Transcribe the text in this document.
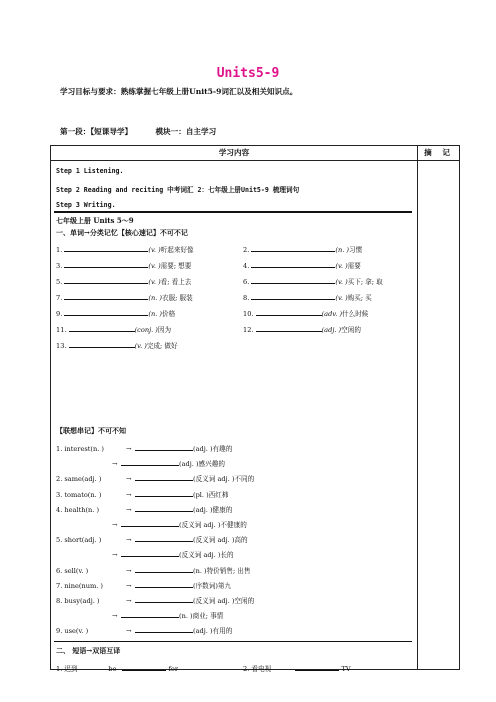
Units5-9
学习目标与要求：熟练掌握七年级上册Unit5-9词汇以及相关知识点。
第一段：【短课导学】	模块一：自主学习
学习内容	摘 记
Step 1 Listening.
Step 2 Reading and reciting 中考词汇 2：七年级上册Unit5-9 梳理词句
Step 3 Writing.
七年级上册 Units 5～9
一、单词→分类记忆【核心速记】不可不记
1.	(v. )听起来好像	2.	(n. )习惯
3.	(v. )需要; 想要	4.	(v. )需要
5.	(v. )看; 看上去	6.	(v. )买下; 拿; 取
7.	(n. )衣服; 服装	8.	(v. )购买; 买
9.	(n. )价格	10.	(adv. )什么时候
11.	(conj. )因为	12.	(adj. )空闲的
13.	(v. )完成; 做好
【联想串记】不可不知
1. interest(n. )	→	(adj. )有趣的
→	(adj. )感兴趣的
2. same(adj. )	→	(反义词 adj. )不同的
3. tomato(n. )	→	(pl. )西红柿
4. health(n. )	→	(adj. )健康的
→	(反义词 adj. )不健康的
5. short(adj. )	→	(反义词 adj. )高的
→	(反义词 adj. )长的
6. sell(v. )	→	(n. )特价销售; 出售
7. nine(num. )	→	(序数词)第九
8. busy(adj. )	→	(反义词 adj. )空闲的
→	(n. )商业; 事情
9. use(v. )	→	(adj. )有用的
二、 短语→双语互译
1. 迟到	be	for	2. 看电视	TV
